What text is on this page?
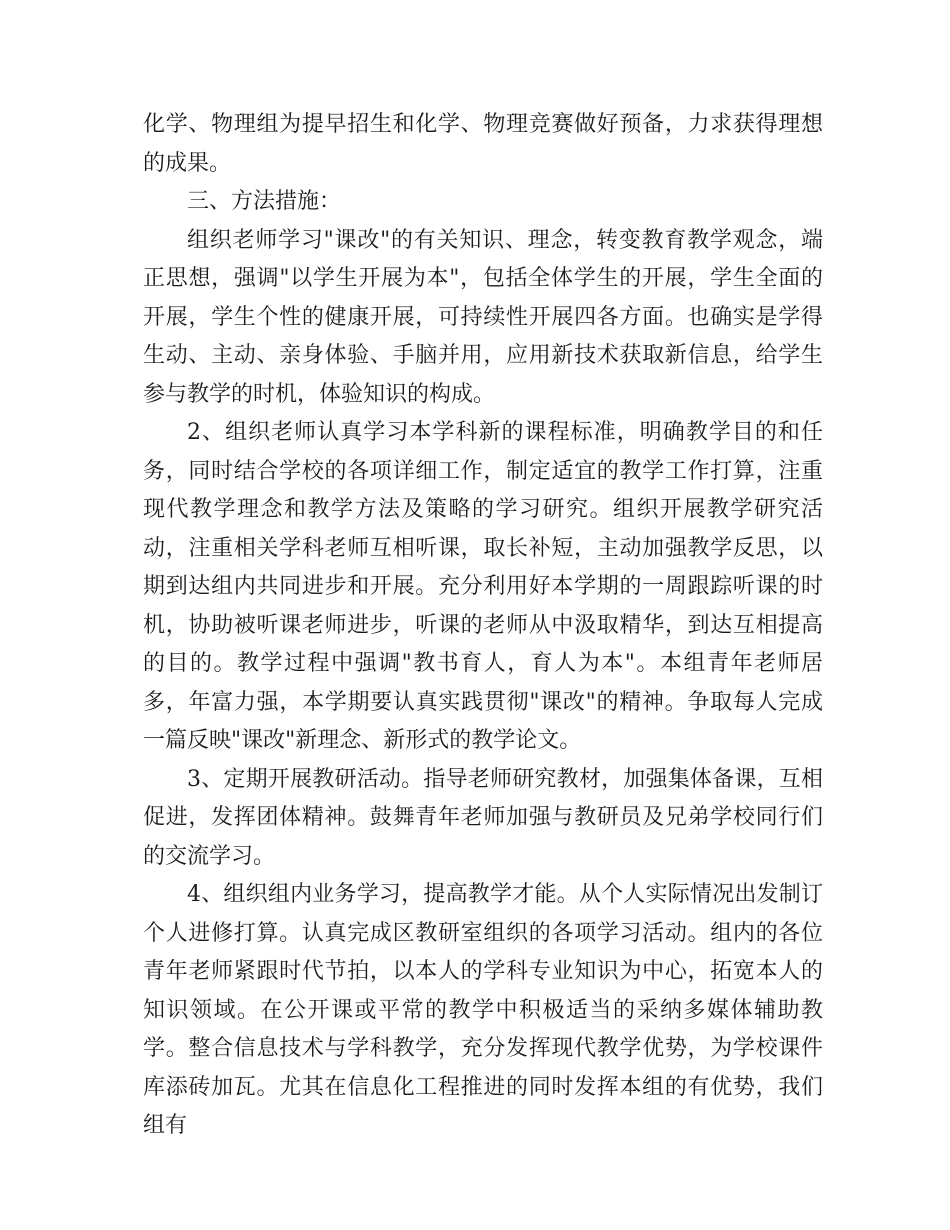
化学、物理组为提早招生和化学、物理竞赛做好预备，力求获得理想的成果。

三、方法措施：

组织老师学习"课改"的有关知识、理念，转变教育教学观念，端正思想，强调"以学生开展为本"，包括全体学生的开展，学生全面的开展，学生个性的健康开展，可持续性开展四各方面。也确实是学得生动、主动、亲身体验、手脑并用，应用新技术获取新信息，给学生参与教学的时机，体验知识的构成。

2、组织老师认真学习本学科新的课程标准，明确教学目的和任务，同时结合学校的各项详细工作，制定适宜的教学工作打算，注重现代教学理念和教学方法及策略的学习研究。组织开展教学研究活动，注重相关学科老师互相听课，取长补短，主动加强教学反思，以期到达组内共同进步和开展。充分利用好本学期的一周跟踪听课的时机，协助被听课老师进步，听课的老师从中汲取精华，到达互相提高的目的。教学过程中强调"教书育人，育人为本"。本组青年老师居多，年富力强，本学期要认真实践贯彻"课改"的精神。争取每人完成一篇反映"课改"新理念、新形式的教学论文。

3、定期开展教研活动。指导老师研究教材，加强集体备课，互相促进，发挥团体精神。鼓舞青年老师加强与教研员及兄弟学校同行们的交流学习。

4、组织组内业务学习，提高教学才能。从个人实际情况出发制订个人进修打算。认真完成区教研室组织的各项学习活动。组内的各位青年老师紧跟时代节拍，以本人的学科专业知识为中心，拓宽本人的知识领域。在公开课或平常的教学中积极适当的采纳多媒体辅助教学。整合信息技术与学科教学，充分发挥现代教学优势，为学校课件库添砖加瓦。尤其在信息化工程推进的同时发挥本组的有优势，我们组有
